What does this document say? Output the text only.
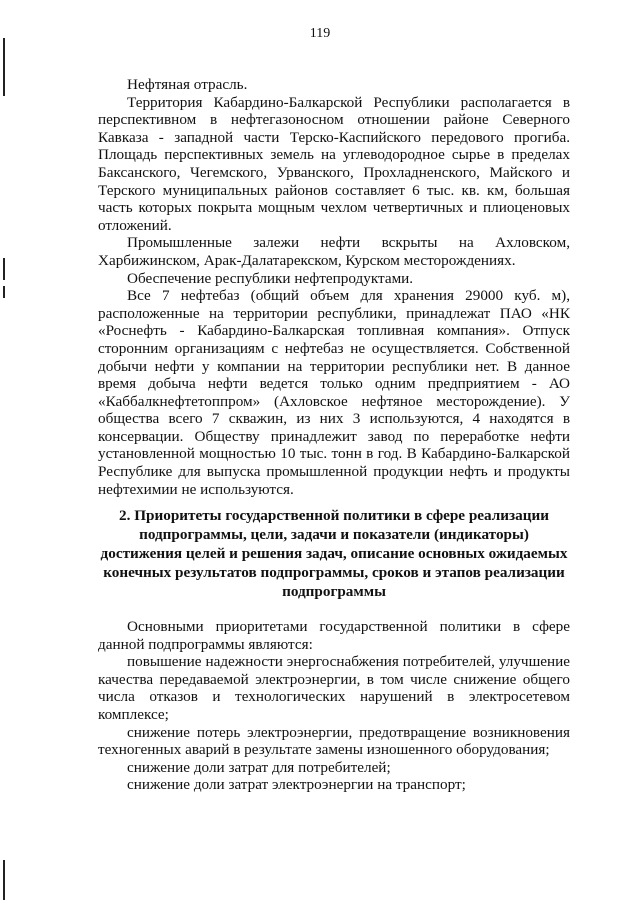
119

Нефтяная отрасль.

Территория Кабардино-Балкарской Республики располагается в перспективном в нефтегазоносном отношении районе Северного Кавказа - западной части Терско-Каспийского передового прогиба. Площадь перспективных земель на углеводородное сырье в пределах Баксанского, Чегемского, Урванского, Прохладненского, Майского и Терского муниципальных районов составляет 6 тыс. кв. км, большая часть которых покрыта мощным чехлом четвертичных и плиоценовых отложений.

Промышленные залежи нефти вскрыты на Ахловском, Харбижинском, Арак-Далатарекском, Курском месторождениях.

Обеспечение республики нефтепродуктами.

Все 7 нефтебаз (общий объем для хранения 29000 куб. м), расположенные на территории республики, принадлежат ПАО «НК «Роснефть - Кабардино-Балкарская топливная компания». Отпуск сторонним организациям с нефтебаз не осуществляется. Собственной добычи нефти у компании на территории республики нет. В данное время добыча нефти ведется только одним предприятием - АО «Каббалкнефтетоппром» (Ахловское нефтяное месторождение). У общества всего 7 скважин, из них 3 используются, 4 находятся в консервации. Обществу принадлежит завод по переработке нефти установленной мощностью 10 тыс. тонн в год. В Кабардино-Балкарской Республике для выпуска промышленной продукции нефть и продукты нефтехимии не используются.

2. Приоритеты государственной политики в сфере реализации подпрограммы, цели, задачи и показатели (индикаторы) достижения целей и решения задач, описание основных ожидаемых конечных результатов подпрограммы, сроков и этапов реализации подпрограммы

Основными приоритетами государственной политики в сфере данной подпрограммы являются:

повышение надежности энергоснабжения потребителей, улучшение качества передаваемой электроэнергии, в том числе снижение общего числа отказов и технологических нарушений в электросетевом комплексе;

снижение потерь электроэнергии, предотвращение возникновения техногенных аварий в результате замены изношенного оборудования;

снижение доли затрат для потребителей;

снижение доли затрат электроэнергии на транспорт;
